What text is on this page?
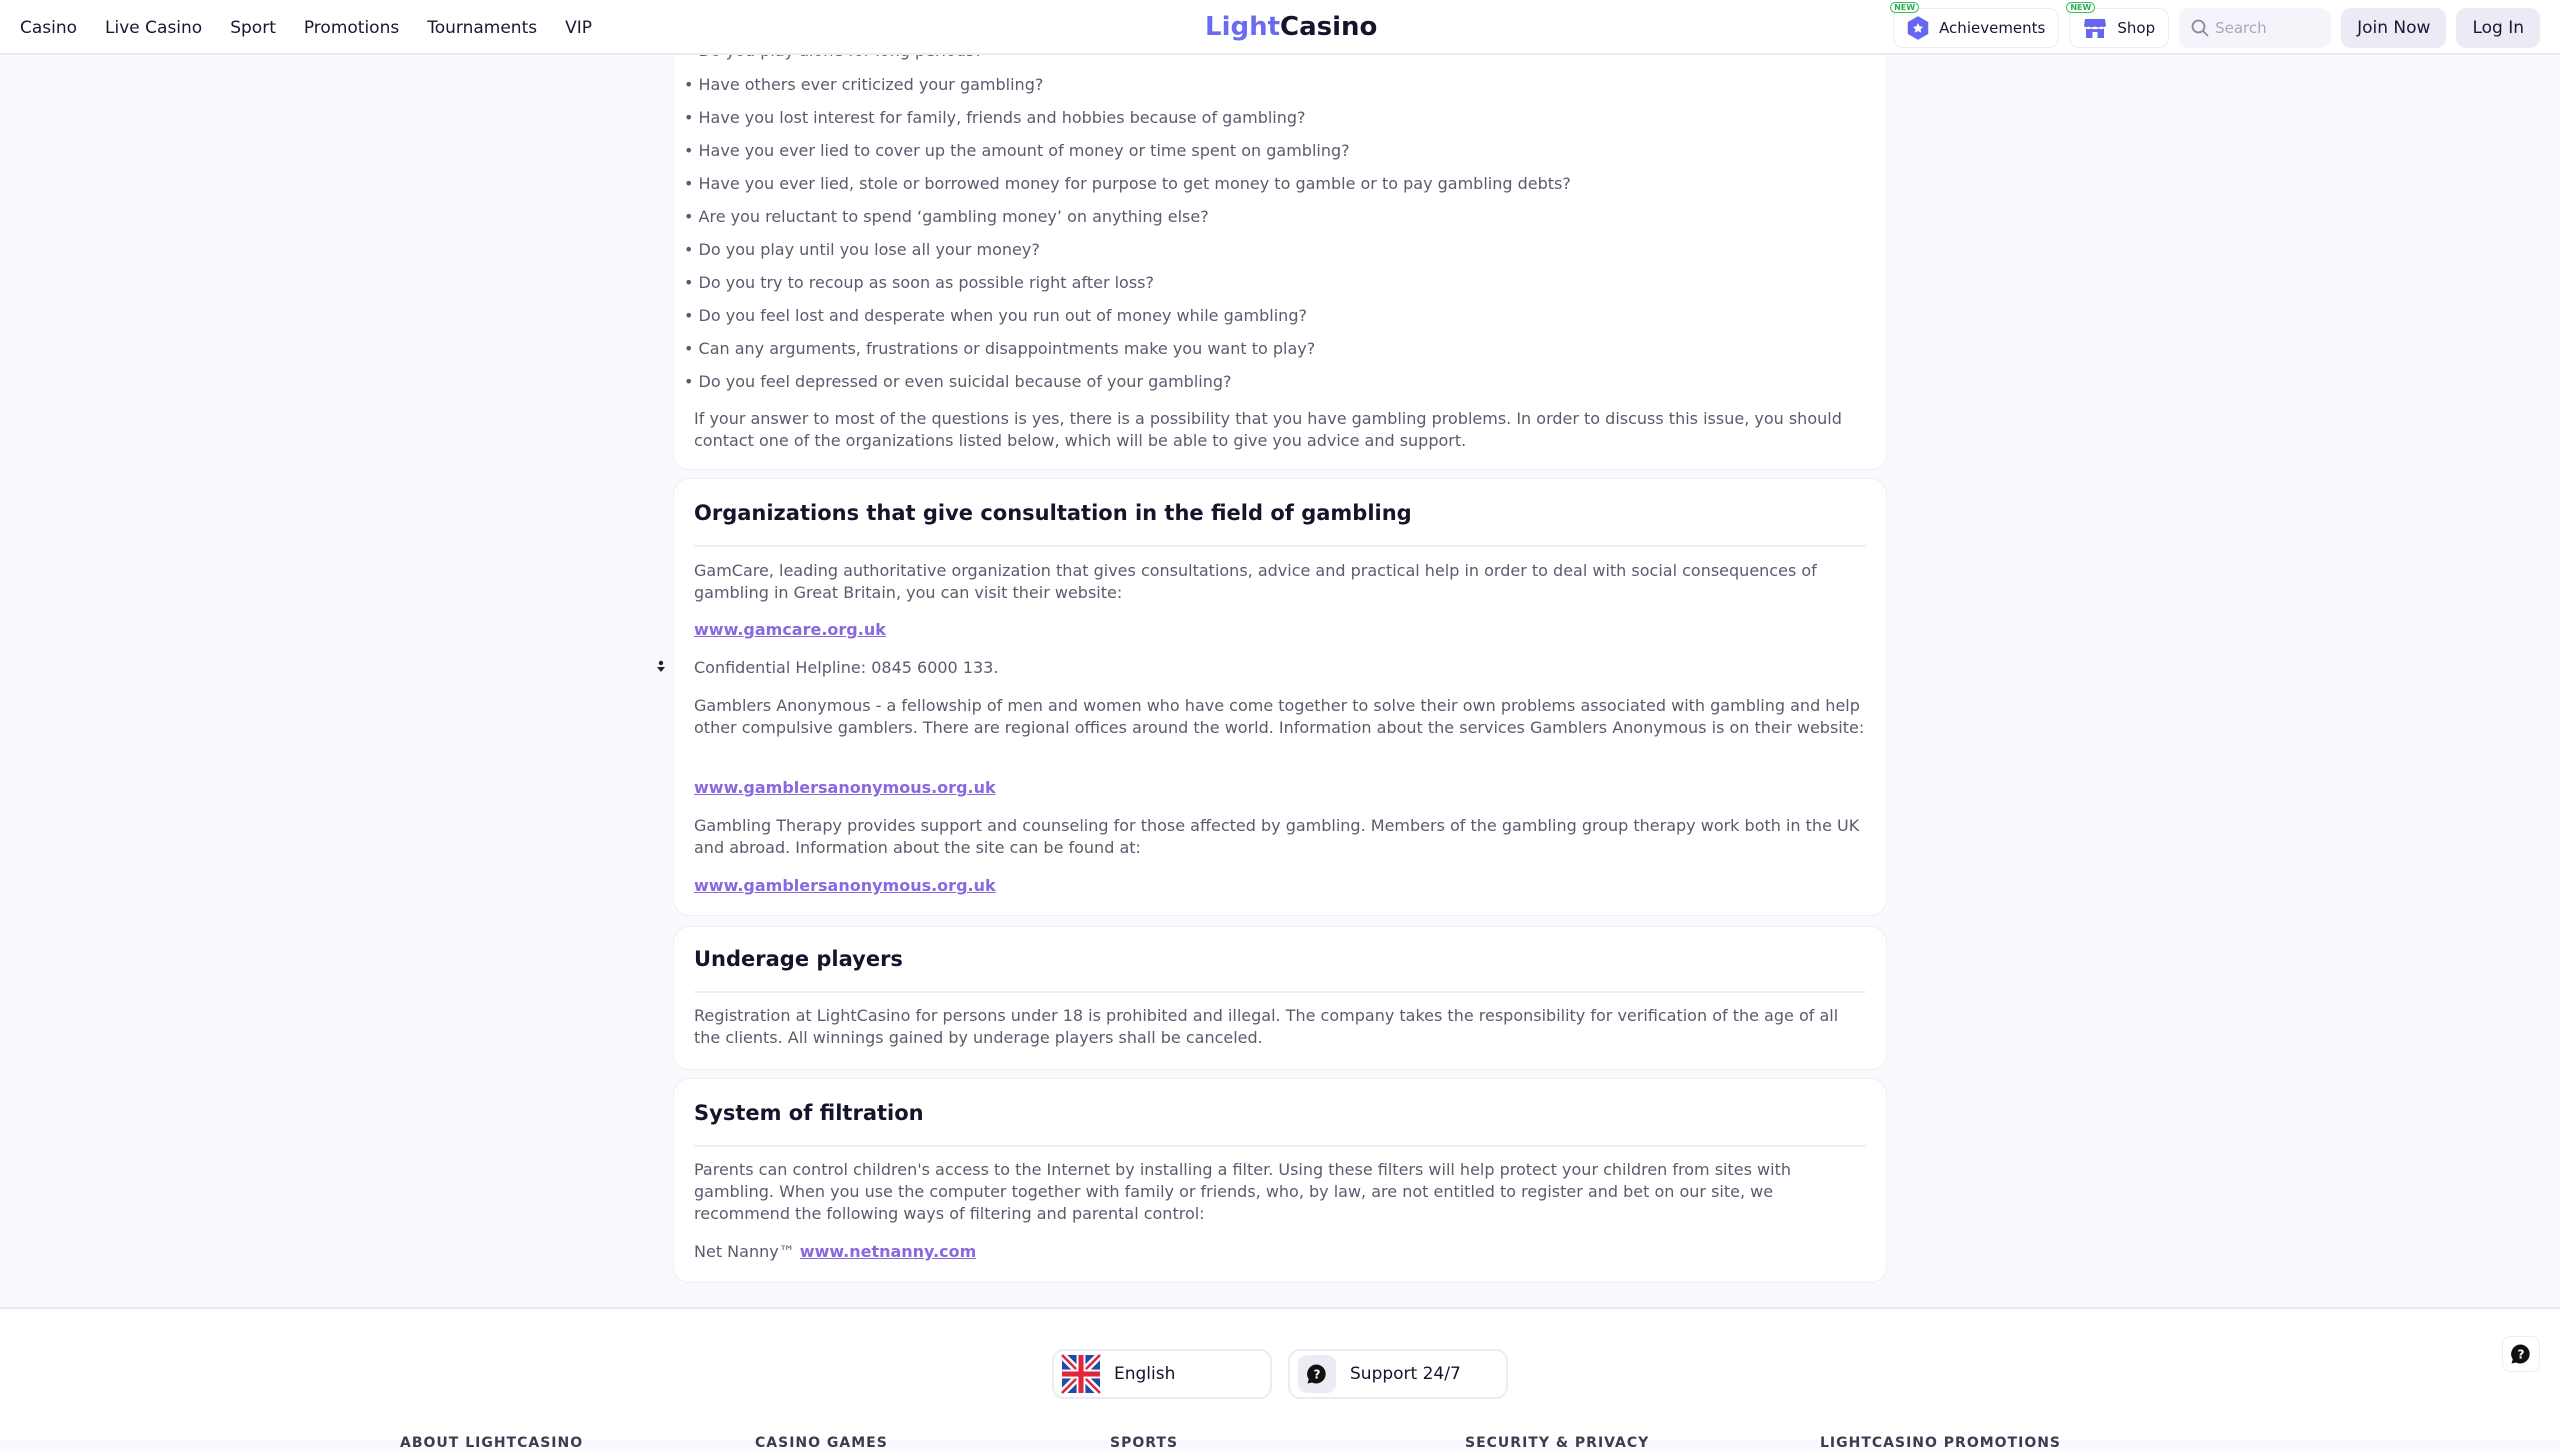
Casino Live Casino Sport Promotions Tournaments VIP	LightCasino
NEW
Achievements
NEW
Shop
Search	Join Now	Log In
• Have others ever criticized your gambling?
• Have you lost interest for family, friends and hobbies because of gambling?
• Have you ever lied to cover up the amount of money or time spent on gambling?
• Have you ever lied, stole or borrowed money for purpose to get money to gamble or to pay gambling debts?
• Are you reluctant to spend ‘gambling money’ on anything else?
• Do you play until you lose all your money?
• Do you try to recoup as soon as possible right after loss?
• Do you feel lost and desperate when you run out of money while gambling?
• Can any arguments, frustrations or disappointments make you want to play?
• Do you feel depressed or even suicidal because of your gambling?

If your answer to most of the questions is yes, there is a possibility that you have gambling problems. In order to discuss this issue, you should contact one of the organizations listed below, which will be able to give you advice and support.

Organizations that give consultation in the field of gambling

GamCare, leading authoritative organization that gives consultations, advice and practical help in order to deal with social consequences of gambling in Great Britain, you can visit their website:

www.gamcare.org.uk

Confidential Helpline: 0845 6000 133.

Gamblers Anonymous - a fellowship of men and women who have come together to solve their own problems associated with gambling and help other compulsive gamblers. There are regional offices around the world. Information about the services Gamblers Anonymous is on their website:

www.gamblersanonymous.org.uk

Gambling Therapy provides support and counseling for those affected by gambling. Members of the gambling group therapy work both in the UK and abroad. Information about the site can be found at:

www.gamblersanonymous.org.uk

Underage players

Registration at LightCasino for persons under 18 is prohibited and illegal. The company takes the responsibility for verification of the age of all the clients. All winnings gained by underage players shall be canceled.

System of filtration

Parents can control children's access to the Internet by installing a filter. Using these filters will help protect your children from sites with gambling. When you use the computer together with family or friends, who, by law, are not entitled to register and bet on our site, we recommend the following ways of filtering and parental control:

Net Nanny™ www.netnanny.com

English	? Support 24/7
ABOUT LIGHTCASINO	CASINO GAMES	SPORTS	SECURITY & PRIVACY	LIGHTCASINO PROMOTIONS
?
